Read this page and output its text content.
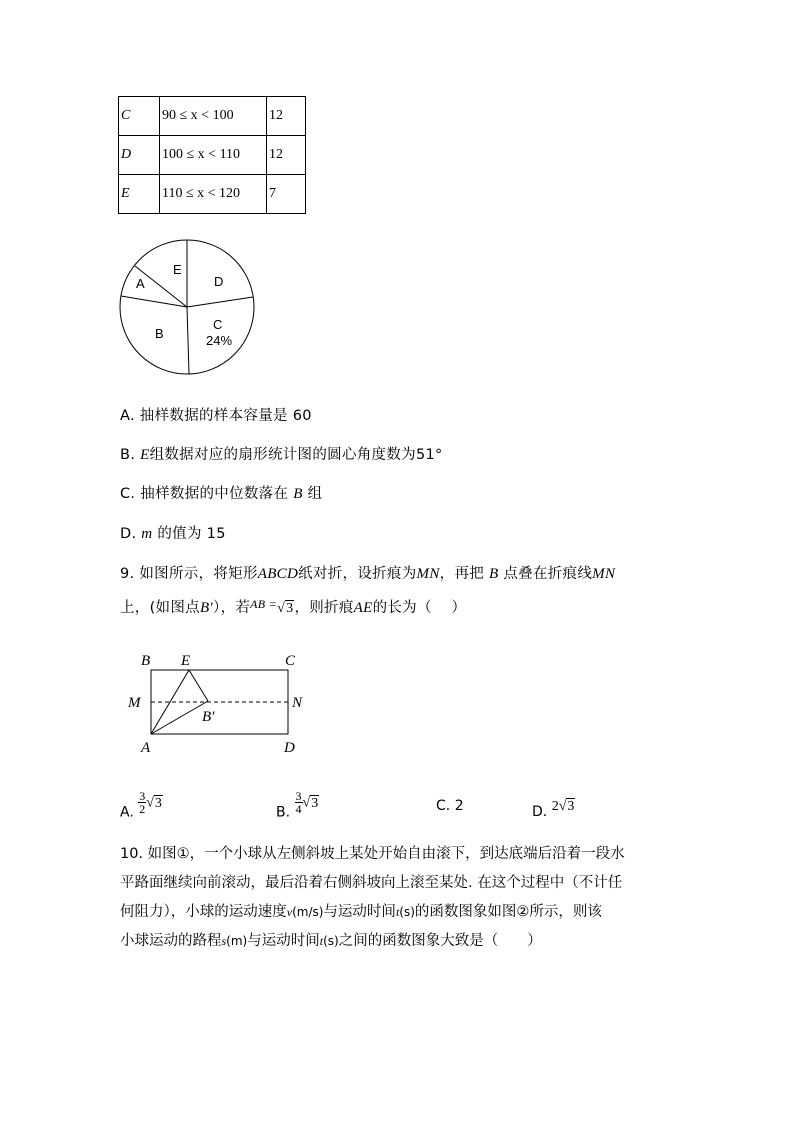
C	90 ≤ x < 100	12
D	100 ≤ x < 110	12
E	110 ≤ x < 120	7
E
D
A
B
C
24%
A. 抽样数据的样本容量是 60
B. E组数据对应的扇形统计图的圆心角度数为51°
C. 抽样数据的中位数落在 B 组
D. m 的值为 15
9. 如图所示，将矩形ABCD纸对折，设折痕为MN，再把 B 点叠在折痕线MN
上，(如图点B′），若AB =√3，则折痕AE的长为（　 ）
B E	C
M	N
B′
A	D
A. $\frac{3}{2} √3$
B. $\frac{3}{4} √3$	C. 2	D. 2√3
10. 如图①，一个小球从左侧斜坡上某处开始自由滚下，到达底端后沿着一段水
平路面继续向前滚动，最后沿着右侧斜坡向上滚至某处. 在这个过程中（不计任
何阻力），小球的运动速度v(m/s)与运动时间t(s)的函数图象如图②所示，则该
小球运动的路程s(m)与运动时间t(s)之间的函数图象大致是（　　）
